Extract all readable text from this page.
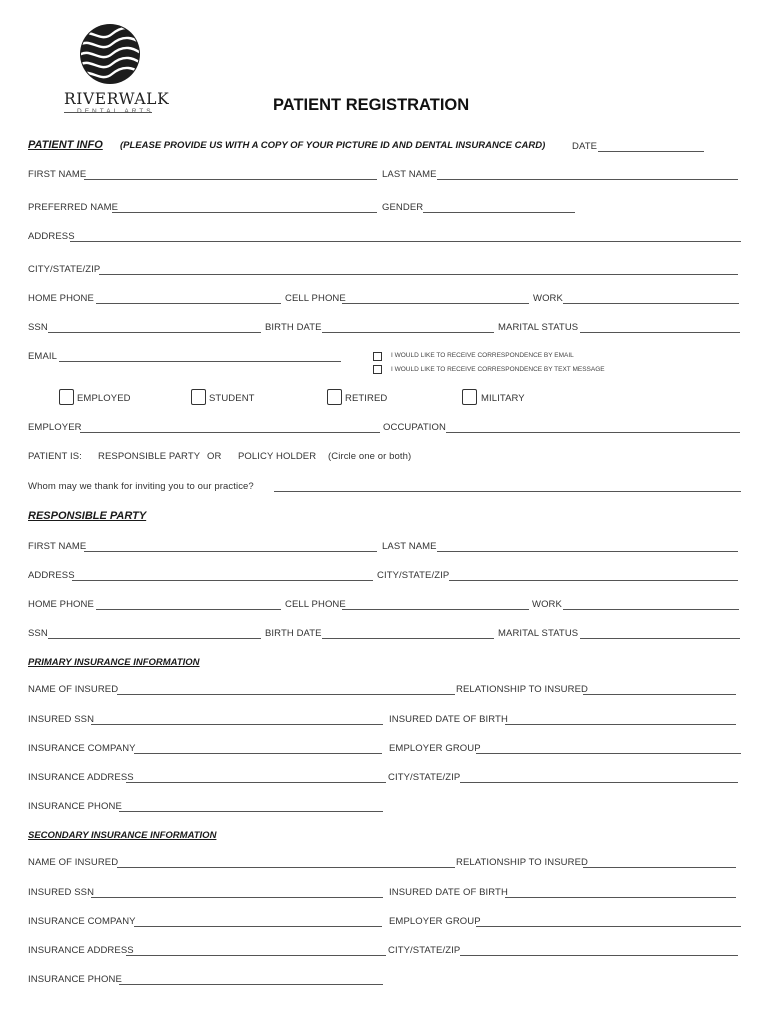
RIVERWALK
DENTAL ARTS	PATIENT REGISTRATION
PATIENT INFO (PLEASE PROVIDE US WITH A COPY OF YOUR PICTURE ID AND DENTAL INSURANCE CARD)	DATE
FIRST NAME	LAST NAME
PREFERRED NAME	GENDER
ADDRESS
CITY/STATE/ZIP
HOME PHONE	CELL PHONE	WORK
SSN	BIRTH DATE	MARITAL STATUS
EMAIL	I WOULD LIKE TO RECEIVE CORRESPONDENCE BY EMAIL
I WOULD LIKE TO RECEIVE CORRESPONDENCE BY TEXT MESSAGE
EMPLOYED	STUDENT	RETIRED	MILITARY
EMPLOYER	OCCUPATION
PATIENT IS: RESPONSIBLE PARTY OR POLICY HOLDER (Circle one or both)
Whom may we thank for inviting you to our practice?
RESPONSIBLE PARTY
FIRST NAME	LAST NAME
ADDRESS	CITY/STATE/ZIP
HOME PHONE	CELL PHONE	WORK
SSN	BIRTH DATE	MARITAL STATUS
PRIMARY INSURANCE INFORMATION
NAME OF INSURED	RELATIONSHIP TO INSURED
INSURED SSN	INSURED DATE OF BIRTH
INSURANCE COMPANY	EMPLOYER GROUP
INSURANCE ADDRESS	CITY/STATE/ZIP
INSURANCE PHONE
SECONDARY INSURANCE INFORMATION
NAME OF INSURED	RELATIONSHIP TO INSURED
INSURED SSN	INSURED DATE OF BIRTH
INSURANCE COMPANY	EMPLOYER GROUP
INSURANCE ADDRESS	CITY/STATE/ZIP
INSURANCE PHONE
